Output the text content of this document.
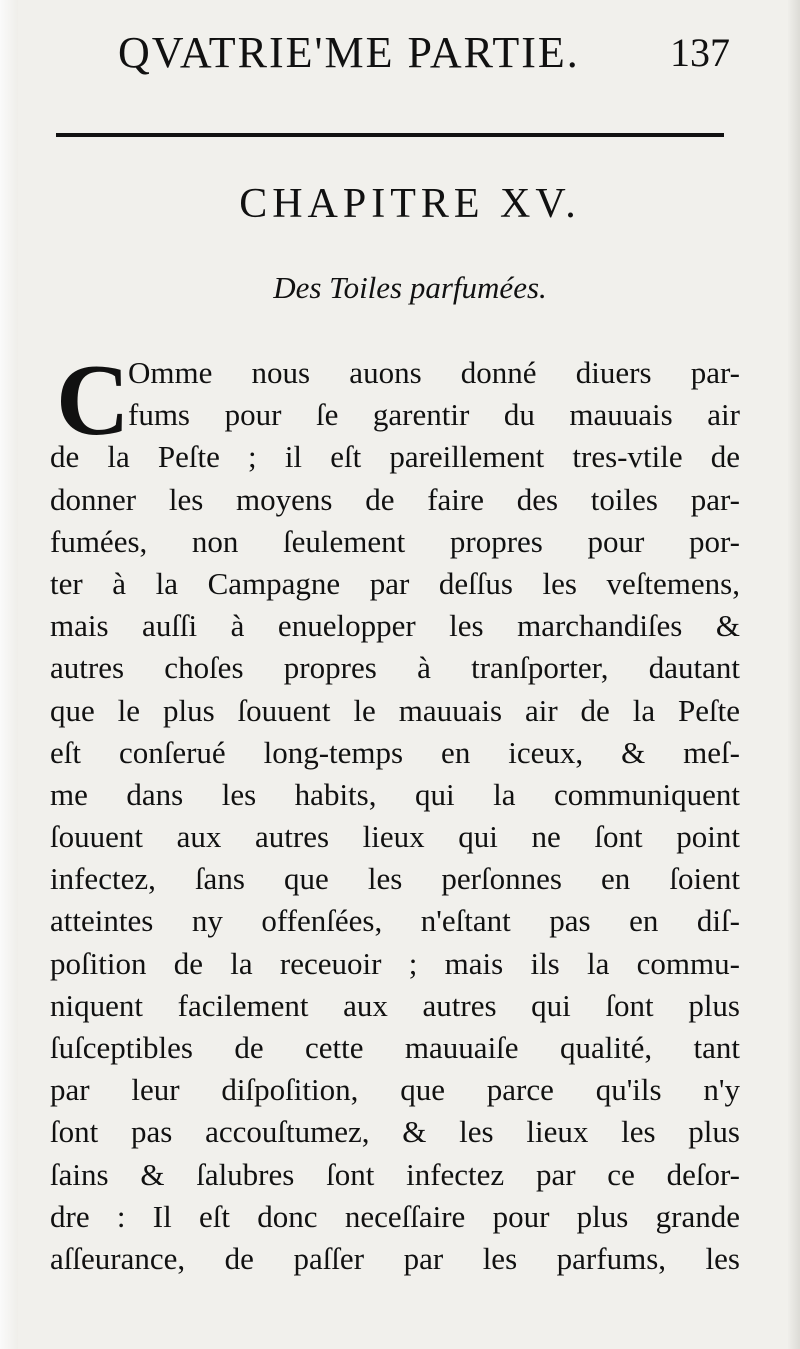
QVATRIE'ME PARTIE. 137
CHAPITRE XV.
Des Toiles parfumées.
C
Omme nous auons donné diuers par-
fums pour ſe garentir du mauuais air
de la Peſte ; il eſt pareillement tres-vtile de
donner les moyens de faire des toiles par-
fumées, non ſeulement propres pour por-
ter à la Campagne par deſſus les veſtemens,
mais auſſi à enuelopper les marchandiſes &
autres choſes propres à tranſporter, dautant
que le plus ſouuent le mauuais air de la Peſte
eſt conſerué long-temps en iceux, & meſ-
me dans les habits, qui la communiquent
ſouuent aux autres lieux qui ne ſont point
infectez, ſans que les perſonnes en ſoient
atteintes ny offenſées, n'eſtant pas en diſ-
poſition de la receuoir ; mais ils la commu-
niquent facilement aux autres qui ſont plus
ſuſceptibles de cette mauuaiſe qualité, tant
par leur diſpoſition, que parce qu'ils n'y
ſont pas accouſtumez, & les lieux les plus
ſains & ſalubres ſont infectez par ce deſor-
dre : Il eſt donc neceſſaire pour plus grande
aſſeurance, de paſſer par les parfums, les
